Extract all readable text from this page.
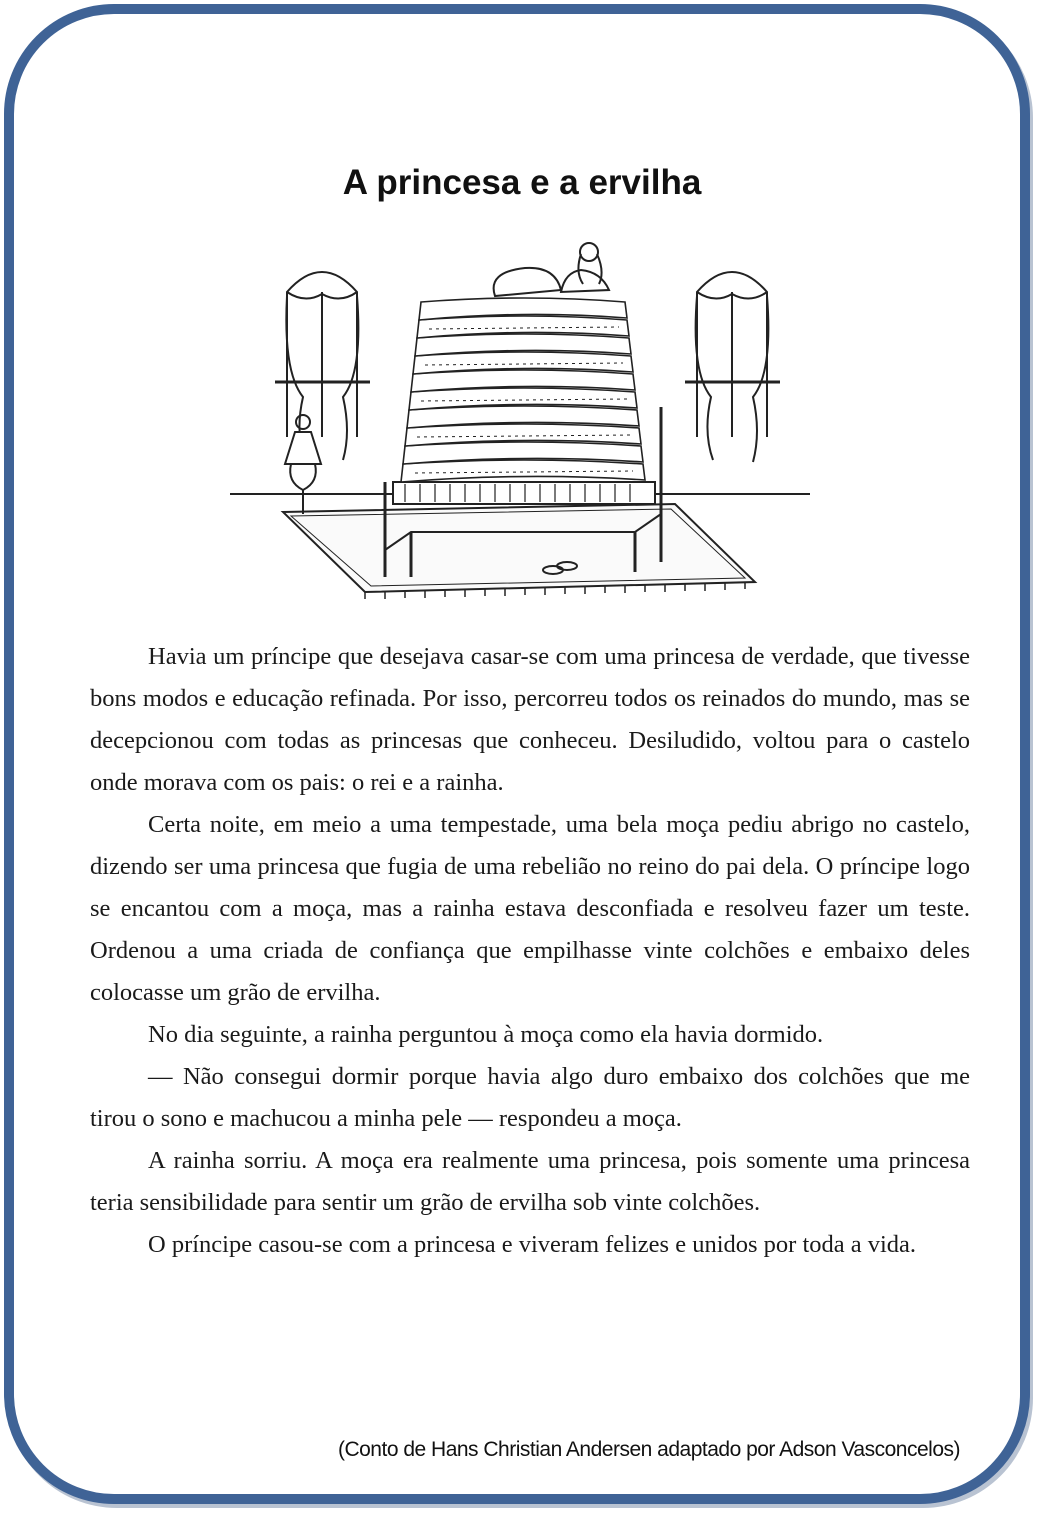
A princesa e a ervilha

Havia um príncipe que desejava casar-se com uma princesa de verdade, que tivesse bons modos e educação refinada. Por isso, percorreu todos os reinados do mundo, mas se decepcionou com todas as princesas que conheceu. Desiludido, voltou para o castelo onde morava com os pais: o rei e a rainha.

Certa noite, em meio a uma tempestade, uma bela moça pediu abrigo no castelo, dizendo ser uma princesa que fugia de uma rebelião no reino do pai dela. O príncipe logo se encantou com a moça, mas a rainha estava desconfiada e resolveu fazer um teste. Ordenou a uma criada de confiança que empilhasse vinte colchões e embaixo deles colocasse um grão de ervilha.

No dia seguinte, a rainha perguntou à moça como ela havia dormido.

— Não consegui dormir porque havia algo duro embaixo dos colchões que me tirou o sono e machucou a minha pele — respondeu a moça.

A rainha sorriu. A moça era realmente uma princesa, pois somente uma princesa teria sensibilidade para sentir um grão de ervilha sob vinte colchões.

O príncipe casou-se com a princesa e viveram felizes e unidos por toda a vida.

(Conto de Hans Christian Andersen adaptado por Adson Vasconcelos)
